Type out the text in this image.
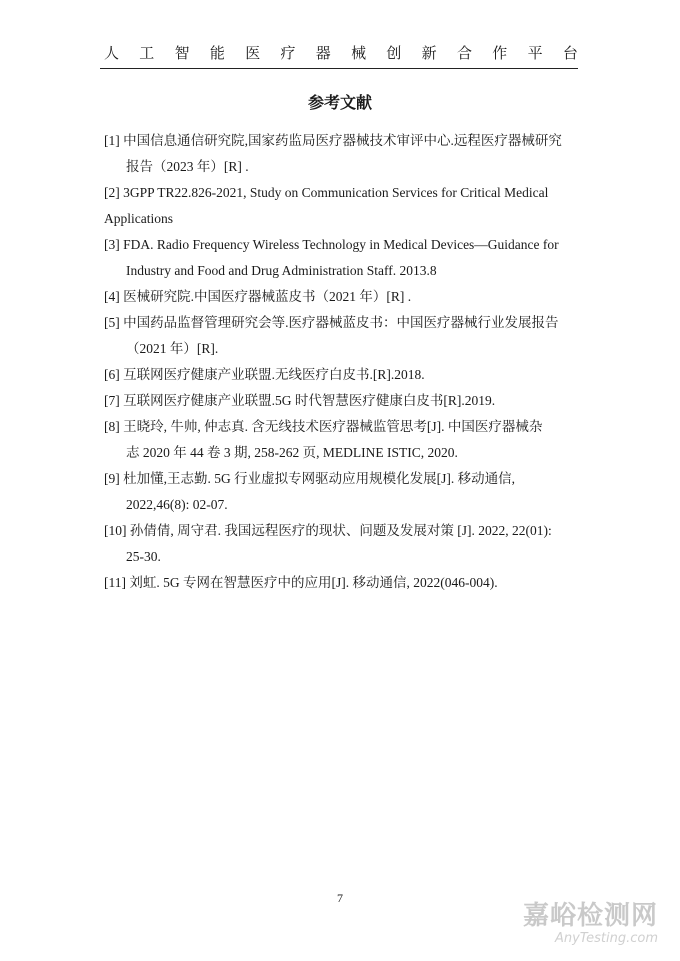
人 工 智 能 医 疗 器 械 创 新 合 作 平 台
参考文献
[1] 中国信息通信研究院,国家药监局医疗器械技术审评中心.远程医疗器械研究
报告（2023 年）[R] .
[2] 3GPP TR22.826-2021, Study on Communication Services for Critical Medical
Applications
[3] FDA. Radio Frequency Wireless Technology in Medical Devices—Guidance for
Industry and Food and Drug Administration Staff. 2013.8
[4] 医械研究院.中国医疗器械蓝皮书（2021 年）[R] .
[5] 中国药品监督管理研究会等.医疗器械蓝皮书：中国医疗器械行业发展报告
（2021 年）[R].
[6] 互联网医疗健康产业联盟.无线医疗白皮书.[R].2018.
[7] 互联网医疗健康产业联盟.5G 时代智慧医疗健康白皮书[R].2019.
[8] 王晓玲, 牛帅, 仲志真. 含无线技术医疗器械监管思考[J]. 中国医疗器械杂
志 2020 年 44 卷 3 期, 258-262 页, MEDLINE ISTIC, 2020.
[9] 杜加懂,王志勤. 5G 行业虚拟专网驱动应用规模化发展[J]. 移动通信,
2022,46(8): 02-07.
[10] 孙倩倩, 周守君. 我国远程医疗的现状、问题及发展对策 [J]. 2022, 22(01):
25-30.
[11] 刘虹. 5G 专网在智慧医疗中的应用[J]. 移动通信, 2022(046-004).
7
嘉峪检测网
AnyTesting.com
